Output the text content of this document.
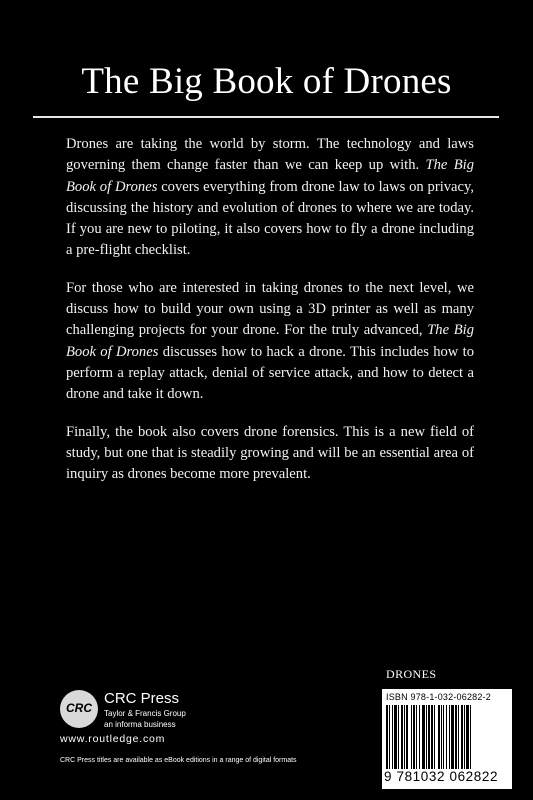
The Big Book of Drones

Drones are taking the world by storm. The technology and laws governing them change faster than we can keep up with. The Big Book of Drones covers everything from drone law to laws on privacy, discussing the history and evolution of drones to where we are today. If you are new to piloting, it also covers how to fly a drone including a pre-flight checklist.

For those who are interested in taking drones to the next level, we discuss how to build your own using a 3D printer as well as many challenging projects for your drone. For the truly advanced, The Big Book of Drones discusses how to hack a drone. This includes how to perform a replay attack, denial of service attack, and how to detect a drone and take it down.

Finally, the book also covers drone forensics. This is a new field of study, but one that is steadily growing and will be an essential area of inquiry as drones become more prevalent.

DRONES
ISBN 978-1-032-06282-2
9 781032 062822
CRC
CRC Press
Taylor & Francis Group
an informa business
www.routledge.com
CRC Press titles are available as eBook editions in a range of digital formats
